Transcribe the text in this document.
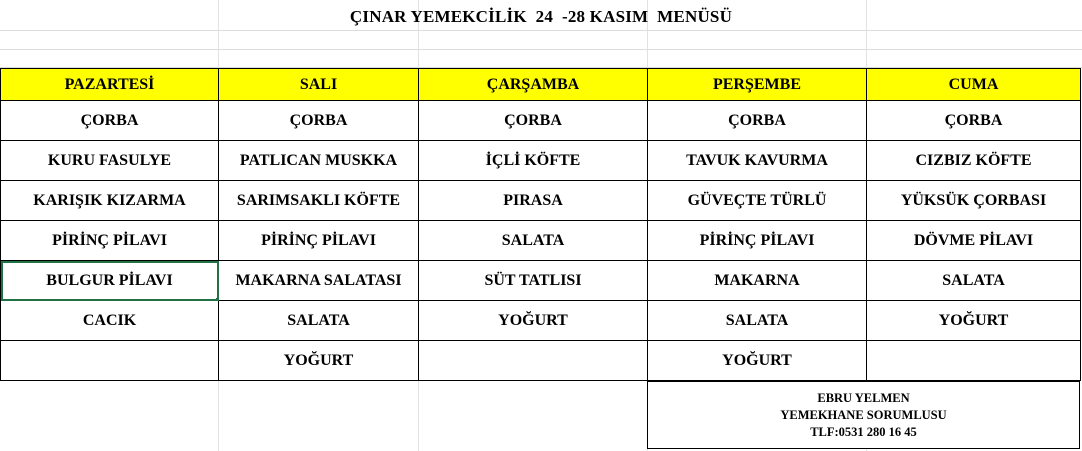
ÇINAR YEMEKCİLİK  24  -28 KASIM  MENÜSÜ
PAZARTESİ	SALI	ÇARŞAMBA	PERŞEMBE	CUMA
ÇORBA	ÇORBA	ÇORBA	ÇORBA	ÇORBA
KURU FASULYE	PATLICAN MUSKKA	İÇLİ KÖFTE	TAVUK KAVURMA	CIZBIZ KÖFTE
KARIŞIK KIZARMA	SARIMSAKLI KÖFTE	PIRASA	GÜVEÇTE TÜRLÜ	YÜKSÜK ÇORBASI
PİRİNÇ PİLAVI	PİRİNÇ PİLAVI	SALATA	PİRİNÇ PİLAVI	DÖVME PİLAVI
BULGUR PİLAVI	MAKARNA SALATASI	SÜT TATLISI	MAKARNA	SALATA
CACIK	SALATA	YOĞURT	SALATA	YOĞURT
	YOĞURT		YOĞURT	
EBRU YELMEN
YEMEKHANE SORUMLUSU
TLF:0531 280 16 45
